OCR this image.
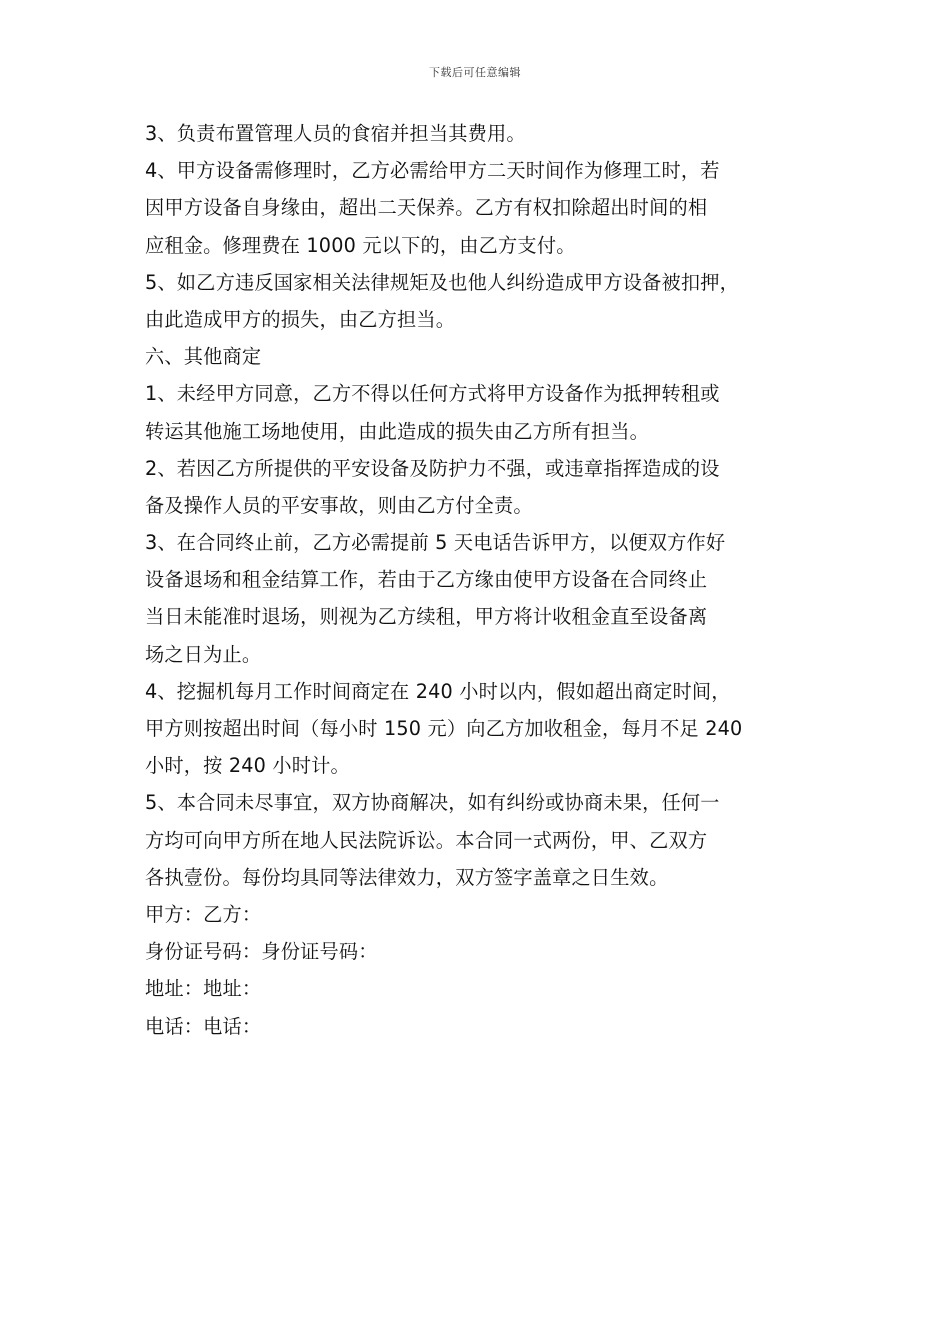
下载后可任意编辑
3、负责布置管理人员的食宿并担当其费用。
4、甲方设备需修理时，乙方必需给甲方二天时间作为修理工时，若
因甲方设备自身缘由，超出二天保养。乙方有权扣除超出时间的相
应租金。修理费在 1000 元以下的，由乙方支付。
5、如乙方违反国家相关法律规矩及也他人纠纷造成甲方设备被扣押，
由此造成甲方的损失，由乙方担当。
六、其他商定
1、未经甲方同意，乙方不得以任何方式将甲方设备作为抵押转租或
转运其他施工场地使用，由此造成的损失由乙方所有担当。
2、若因乙方所提供的平安设备及防护力不强，或违章指挥造成的设
备及操作人员的平安事故，则由乙方付全责。
3、在合同终止前，乙方必需提前 5 天电话告诉甲方，以便双方作好
设备退场和租金结算工作，若由于乙方缘由使甲方设备在合同终止
当日未能准时退场，则视为乙方续租，甲方将计收租金直至设备离
场之日为止。
4、挖掘机每月工作时间商定在 240 小时以内，假如超出商定时间，
甲方则按超出时间（每小时 150 元）向乙方加收租金，每月不足 240
小时，按 240 小时计。
5、本合同未尽事宜，双方协商解决，如有纠纷或协商未果，任何一
方均可向甲方所在地人民法院诉讼。本合同一式两份，甲、乙双方
各执壹份。每份均具同等法律效力，双方签字盖章之日生效。
甲方：乙方：
身份证号码：身份证号码：
地址：地址：
电话：电话：
